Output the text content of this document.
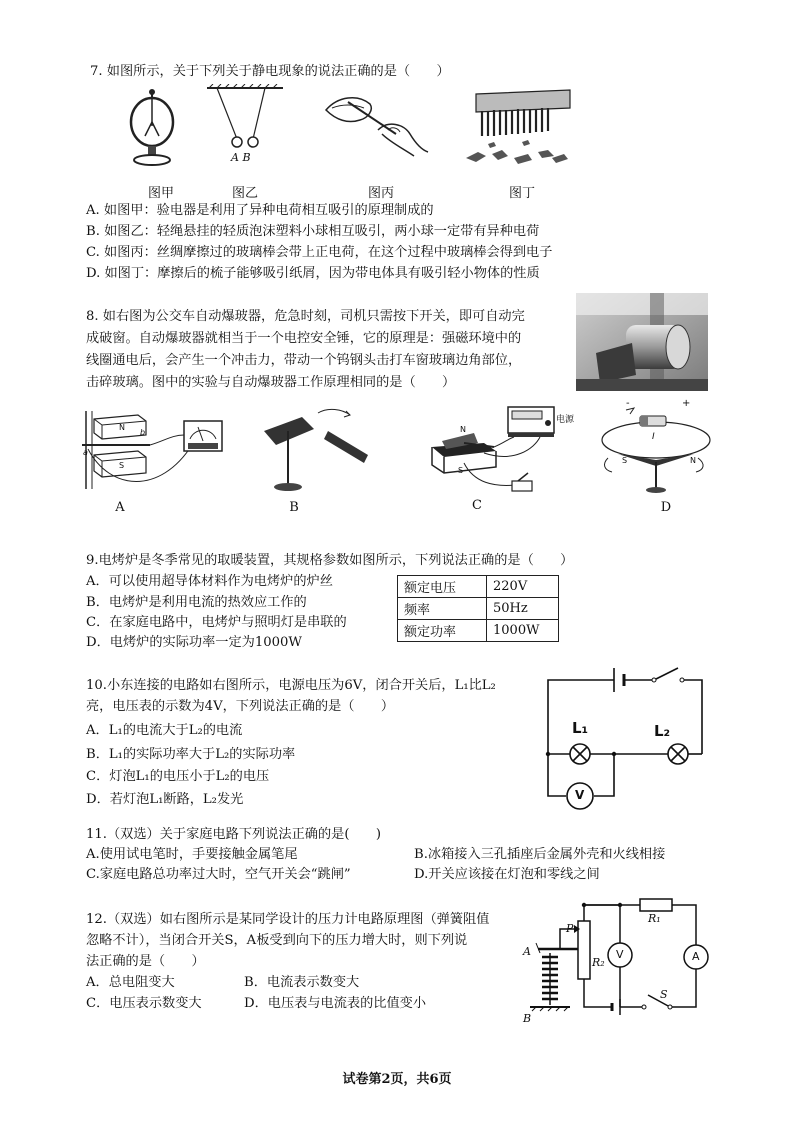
7. 如图所示，关于下列关于静电现象的说法正确的是（　　）
A B
图甲	图乙	图丙	图丁
A. 如图甲：验电器是利用了异种电荷相互吸引的原理制成的
B. 如图乙：轻绳悬挂的轻质泡沫塑料小球相互吸引，两小球一定带有异种电荷
C. 如图丙：丝绸摩擦过的玻璃棒会带上正电荷，在这个过程中玻璃棒会得到电子
D. 如图丁：摩擦后的梳子能够吸引纸屑，因为带电体具有吸引轻小物体的性质
8. 如右图为公交车自动爆玻器，危急时刻，司机只需按下开关，即可自动完
成破窗。自动爆玻器就相当于一个电控安全锤，它的原理是：强磁环境中的
线圈通电后，会产生一个冲击力，带动一个钨钢头击打车窗玻璃边角部位，
击碎玻璃。图中的实验与自动爆玻器工作原理相同的是（　　）
N
S
a
b	N
S
电源
S	N
I
-	+
A	B	C	D
9.电烤炉是冬季常见的取暖装置，其规格参数如图所示，下列说法正确的是（　　）
A．可以使用超导体材料作为电烤炉的炉丝
B．电烤炉是利用电流的热效应工作的
C．在家庭电路中，电烤炉与照明灯是串联的
D．电烤炉的实际功率一定为1000W
额定电压	220V
频率	50Hz
额定功率	1000W
10.小东连接的电路如右图所示，电源电压为6V，闭合开关后，L₁比L₂
亮，电压表的示数为4V，下列说法正确的是（　　）
A．L₁的电流大于L₂的电流
B．L₁的实际功率大于L₂的实际功率
C．灯泡L₁的电压小于L₂的电压
D．若灯泡L₁断路，L₂发光
L₁	L₂
V
11.（双选）关于家庭电路下列说法正确的是(　　)
A.使用试电笔时，手要接触金属笔尾	B.冰箱接入三孔插座后金属外壳和火线相接
C.家庭电路总功率过大时，空气开关会“跳闸”	D.开关应该接在灯泡和零线之间
12.（双选）如右图所示是某同学设计的压力计电路原理图（弹簧阻值
忽略不计），当闭合开关S，A板受到向下的压力增大时，则下列说
法正确的是（　　）
A．总电阻变大	B．电流表示数变大
C．电压表示数变大	D．电压表与电流表的比值变小
A
B
P
R₁
R₂
V	A
S
试卷第2页，共6页
